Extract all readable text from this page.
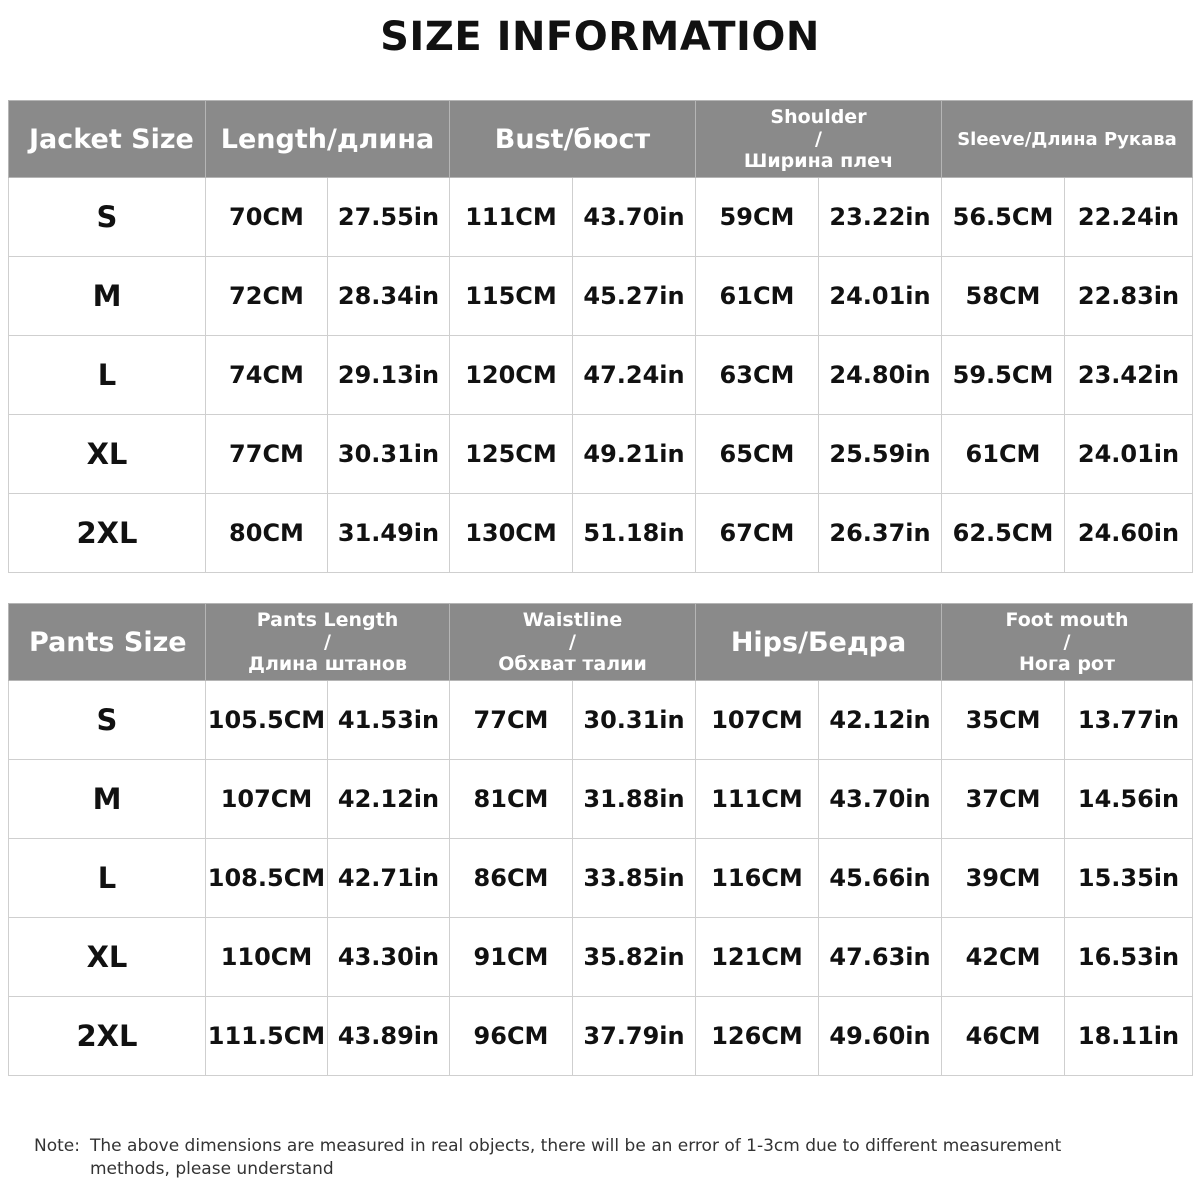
SIZE INFORMATION
Jacket Size	Length/длина		Bust/бюст		Shoulder
/
Ширина плеч		Sleeve/Длина Рукава	

S	70CM	27.55in	111CM	43.70in	59CM	23.22in	56.5CM	22.24in
M	72CM	28.34in	115CM	45.27in	61CM	24.01in	58CM	22.83in
L	74CM	29.13in	120CM	47.24in	63CM	24.80in	59.5CM	23.42in
XL	77CM	30.31in	125CM	49.21in	65CM	25.59in	61CM	24.01in
2XL	80CM	31.49in	130CM	51.18in	67CM	26.37in	62.5CM	24.60in
Pants Size	Pants Length
/
Длина штанов		Waistline
/
Обхват талии		Hips/Бедра		Foot mouth
/
Нога рот	

S	105.5CM	41.53in	77CM	30.31in	107CM	42.12in	35CM	13.77in
M	107CM	42.12in	81CM	31.88in	111CM	43.70in	37CM	14.56in
L	108.5CM	42.71in	86CM	33.85in	116CM	45.66in	39CM	15.35in
XL	110CM	43.30in	91CM	35.82in	121CM	47.63in	42CM	16.53in
2XL	111.5CM	43.89in	96CM	37.79in	126CM	49.60in	46CM	18.11in
Note: The above dimensions are measured in real objects, there will be an error of 1-3cm due to different measurement
methods, please understand
